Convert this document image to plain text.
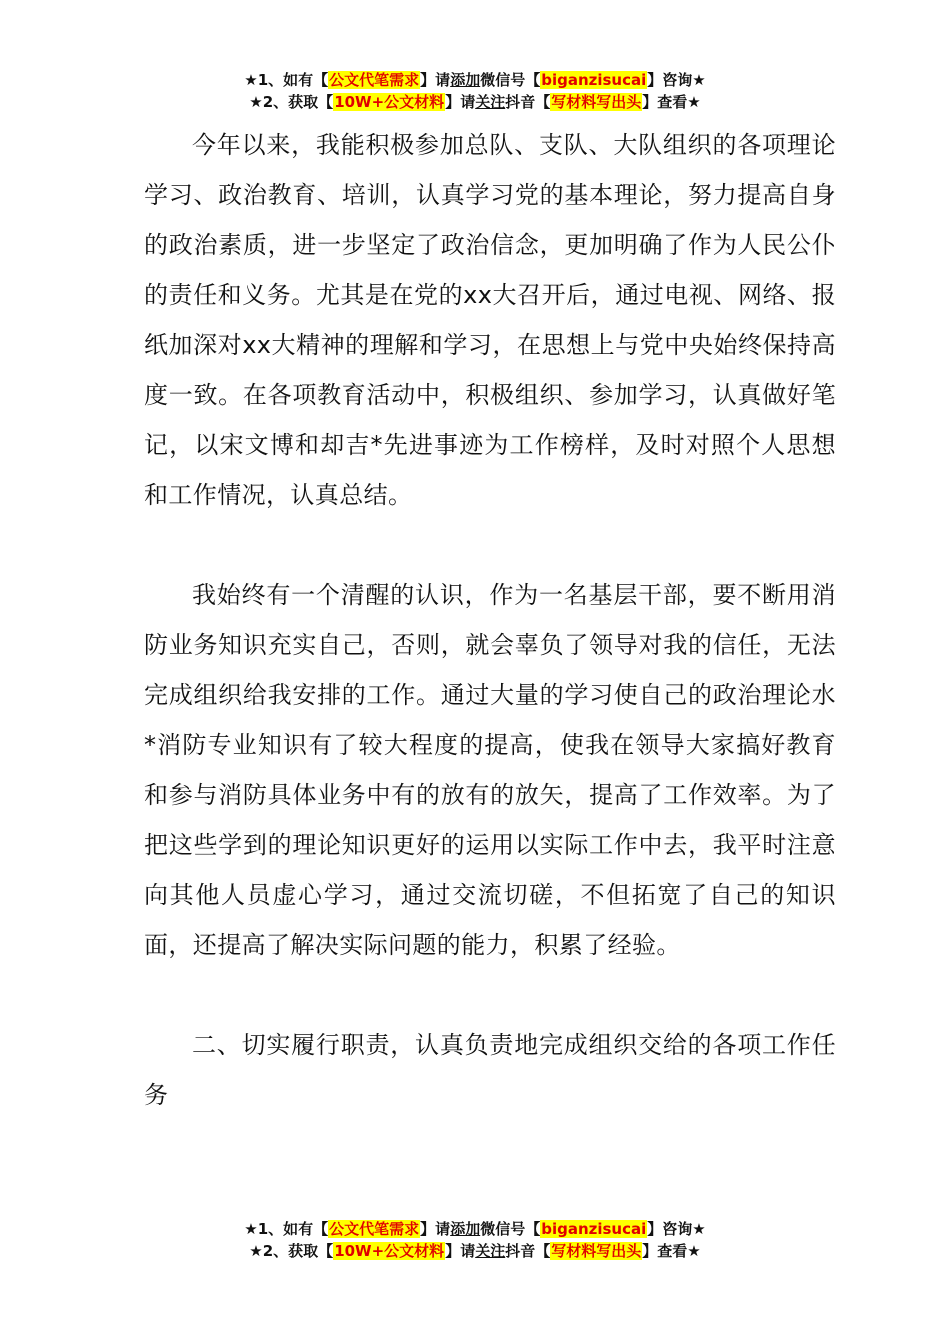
★1、如有【公文代笔需求】请添加微信号【biganzisucai】咨询★
★2、获取【10W+公文材料】请关注抖音【写材料写出头】查看★

今年以来，我能积极参加总队、支队、大队组织的各项理论学习、政治教育、培训，认真学习党的基本理论，努力提高自身的政治素质，进一步坚定了政治信念，更加明确了作为人民公仆的责任和义务。尤其是在党的xx大召开后，通过电视、网络、报纸加深对xx大精神的理解和学习，在思想上与党中央始终保持高度一致。在各项教育活动中，积极组织、参加学习，认真做好笔记，以宋文博和却吉*先进事迹为工作榜样，及时对照个人思想和工作情况，认真总结。

我始终有一个清醒的认识，作为一名基层干部，要不断用消防业务知识充实自己，否则，就会辜负了领导对我的信任，无法完成组织给我安排的工作。通过大量的学习使自己的政治理论水*消防专业知识有了较大程度的提高，使我在领导大家搞好教育和参与消防具体业务中有的放有的放矢，提高了工作效率。为了把这些学到的理论知识更好的运用以实际工作中去，我平时注意向其他人员虚心学习，通过交流切磋，不但拓宽了自己的知识面，还提高了解决实际问题的能力，积累了经验。

二、切实履行职责，认真负责地完成组织交给的各项工作任务

★1、如有【公文代笔需求】请添加微信号【biganzisucai】咨询★
★2、获取【10W+公文材料】请关注抖音【写材料写出头】查看★
